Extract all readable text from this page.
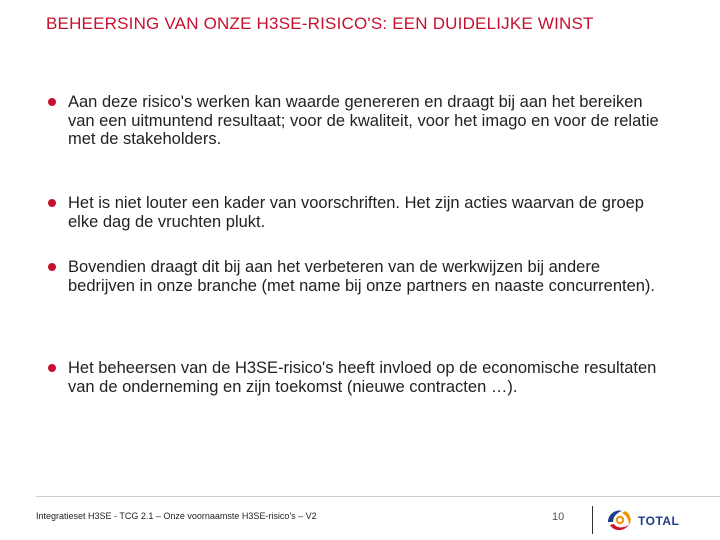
BEHEERSING VAN ONZE H3SE-RISICO'S: EEN DUIDELIJKE WINST
Aan deze risico's werken kan waarde genereren en draagt bij aan het bereiken van een uitmuntend resultaat; voor de kwaliteit, voor het imago en voor de relatie met de stakeholders.
Het is niet louter een kader van voorschriften. Het zijn acties waarvan de groep elke dag de vruchten plukt.
Bovendien draagt dit bij aan het verbeteren van de werkwijzen bij andere bedrijven in onze branche (met name bij onze partners en naaste concurrenten).
Het beheersen van de H3SE-risico's heeft invloed op de economische resultaten van de onderneming en zijn toekomst (nieuwe contracten …).
Integratieset H3SE - TCG 2.1 – Onze voornaamste H3SE-risico's – V2	10	TOTAL
